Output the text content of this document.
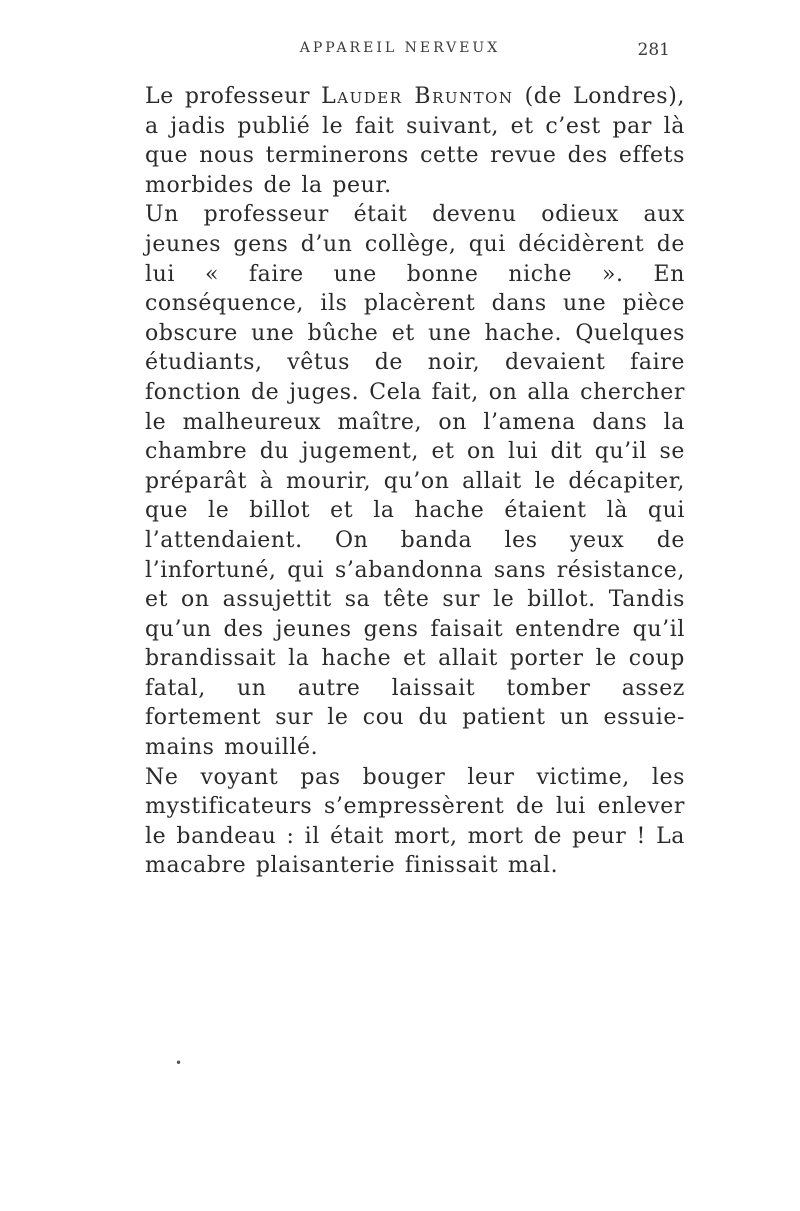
APPAREIL NERVEUX	281

Le professeur Lauder Brunton (de Londres), a jadis publié le fait suivant, et c’est par là que nous terminerons cette revue des effets morbides de la peur.

Un professeur était devenu odieux aux jeunes gens d’un collège, qui décidèrent de lui « faire une bonne niche ». En conséquence, ils placèrent dans une pièce obscure une bûche et une hache. Quelques étudiants, vêtus de noir, devaient faire fonction de juges. Cela fait, on alla chercher le malheureux maître, on l’amena dans la chambre du jugement, et on lui dit qu’il se préparât à mourir, qu’on allait le décapiter, que le billot et la hache étaient là qui l’attendaient. On banda les yeux de l’infortuné, qui s’abandonna sans résistance, et on assujettit sa tête sur le billot. Tandis qu’un des jeunes gens faisait entendre qu’il brandissait la hache et allait porter le coup fatal, un autre laissait tomber assez fortement sur le cou du patient un essuie-mains mouillé.

Ne voyant pas bouger leur victime, les mystificateurs s’empressèrent de lui enlever le bandeau : il était mort, mort de peur ! La macabre plaisanterie finissait mal.

•
